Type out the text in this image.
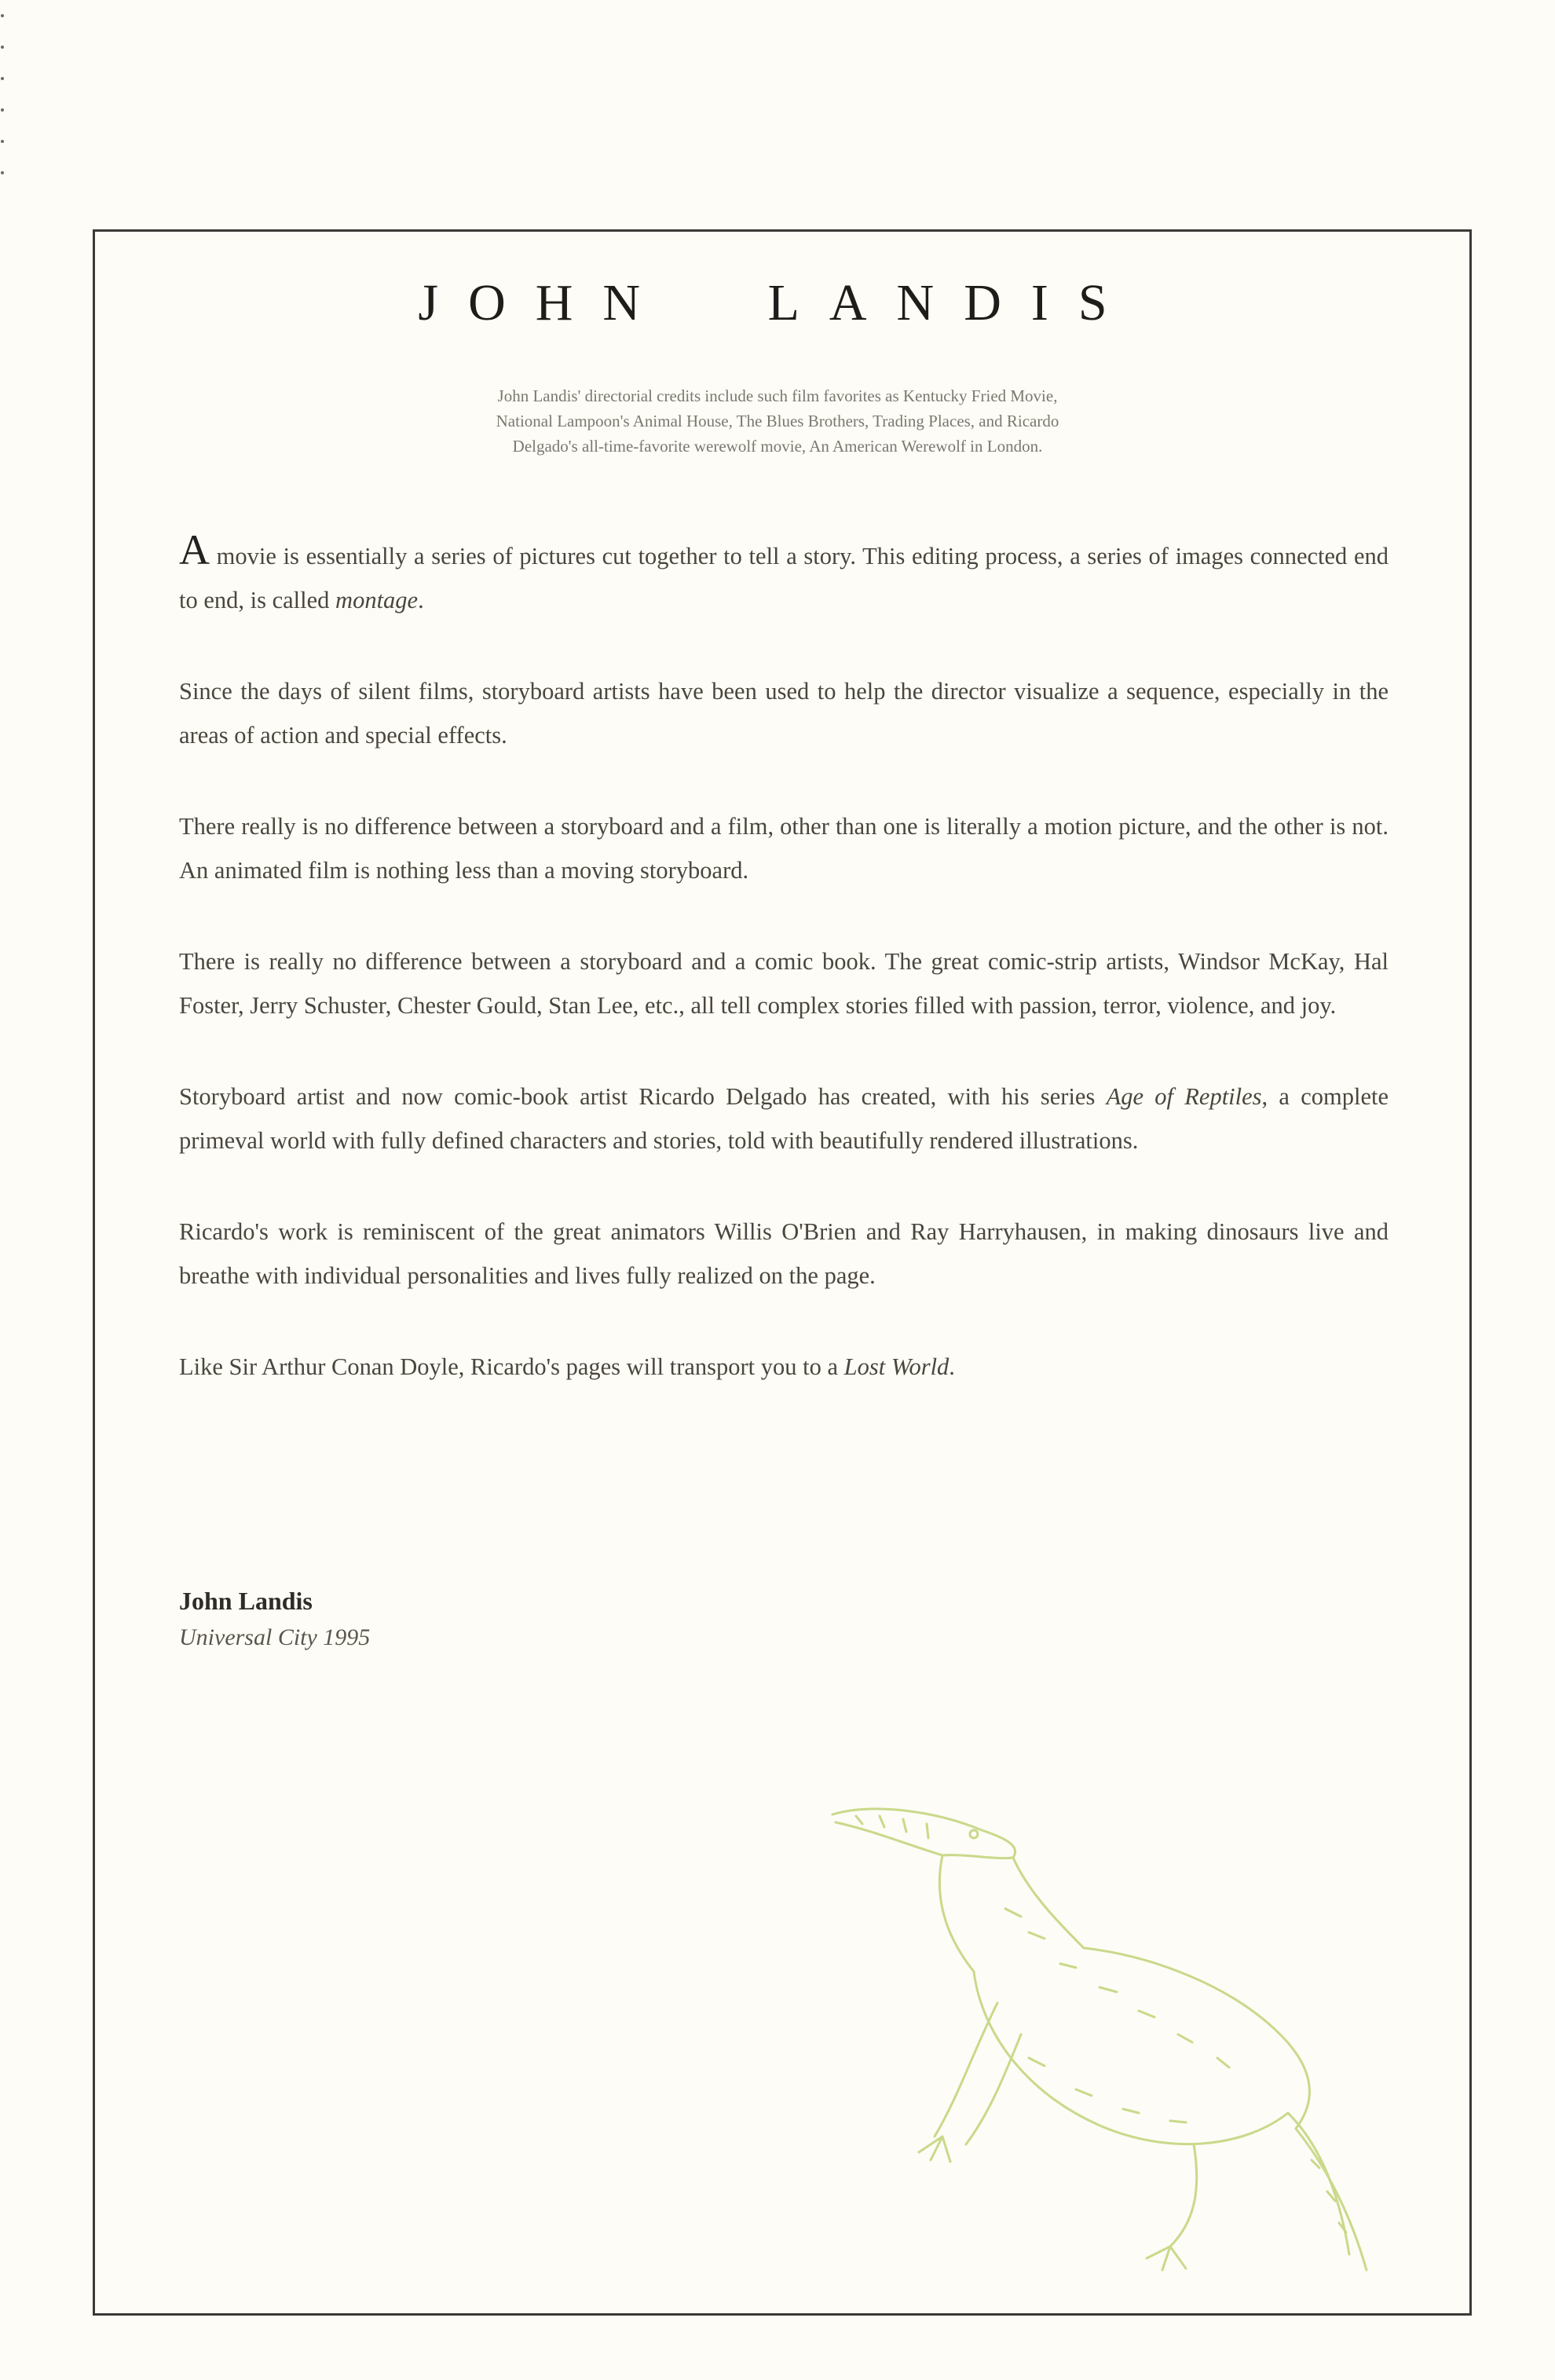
JOHN LANDIS

John Landis' directorial credits include such film favorites as Kentucky Fried Movie,

National Lampoon's Animal House, The Blues Brothers, Trading Places, and Ricardo

Delgado's all-time-favorite werewolf movie, An American Werewolf in London.

A movie is essentially a series of pictures cut together to tell a story. This editing process, a series of images connected end to end, is called montage.

Since the days of silent films, storyboard artists have been used to help the director visualize a sequence, especially in the areas of action and special effects.

There really is no difference between a storyboard and a film, other than one is literally a motion picture, and the other is not. An animated film is nothing less than a moving storyboard.

There is really no difference between a storyboard and a comic book. The great comic-strip artists, Windsor McKay, Hal Foster, Jerry Schuster, Chester Gould, Stan Lee, etc., all tell complex stories filled with passion, terror, violence, and joy.

Storyboard artist and now comic-book artist Ricardo Delgado has created, with his series Age of Reptiles, a complete primeval world with fully defined characters and stories, told with beautifully rendered illustrations.

Ricardo's work is reminiscent of the great animators Willis O'Brien and Ray Harryhausen, in making dinosaurs live and breathe with individual personalities and lives fully realized on the page.

Like Sir Arthur Conan Doyle, Ricardo's pages will transport you to a Lost World.

John Landis

Universal City 1995
